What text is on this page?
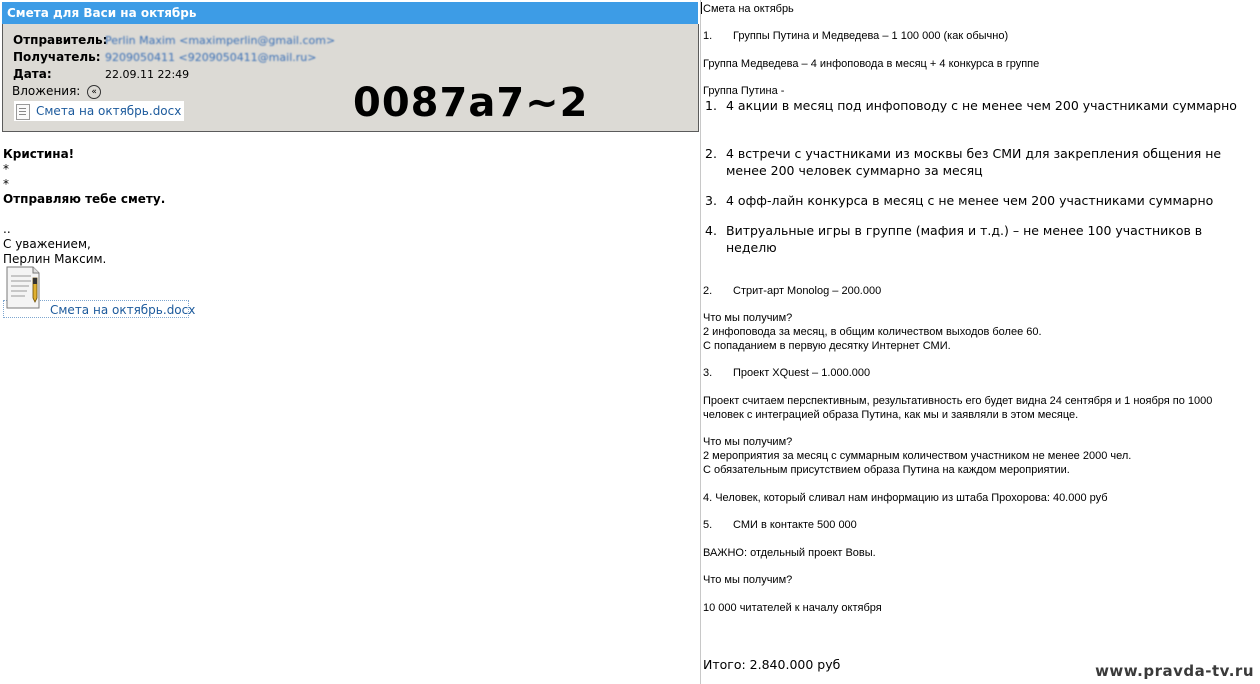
Смета для Васи на октябрь
Отправитель:
Perlin Maxim <maximperlin@gmail.com>
Получатель: 9209050411 <9209050411@mail.ru>
Дата:	22.09.11 22:49
Вложения: «
Смета на октябрь.docx	0087a7~2
Кристина!
*
*
Отправляю тебе смету.
..
С уважением,
Перлин Максим.
Смета на октябрь.docx
Смета на октябрь
1. Группы Путина и Медведева – 1 100 000 (как обычно)
Группа Медведева – 4 инфоповода в месяц + 4 конкурса в группе
Группа Путина -
1. 4 акции в месяц под инфоповоду с не менее чем 200 участниками суммарно
2. 4 встречи с участниками из москвы без СМИ для закрепления общения не менее 200 человек суммарно за месяц
3. 4 офф-лайн конкурса в месяц с не менее чем 200 участниками суммарно
4. Витруальные игры в группе (мафия и т.д.) – не менее 100 участников в неделю
2. Стрит-арт Monolog – 200.000
Что мы получим?
2 инфоповода за месяц, в общим количеством выходов более 60.
С попаданием в первую десятку Интернет СМИ.
3. Проект XQuest – 1.000.000
Проект считаем перспективным, результативность его будет видна 24 сентября и 1 ноября по 1000
человек с интеграцией образа Путина, как мы и заявляли в этом месяце.
Что мы получим?
2 мероприятия за месяц с суммарным количеством участником не менее 2000 чел.
С обязательным присутствием образа Путина на каждом мероприятии.
4. Человек, который сливал нам информацию из штаба Прохорова: 40.000 руб
5. СМИ в контакте 500 000
ВАЖНО: отдельный проект Вовы.
Что мы получим?
10 000 читателей к началу октября
Итого: 2.840.000 руб	www.pravda-tv.ru
